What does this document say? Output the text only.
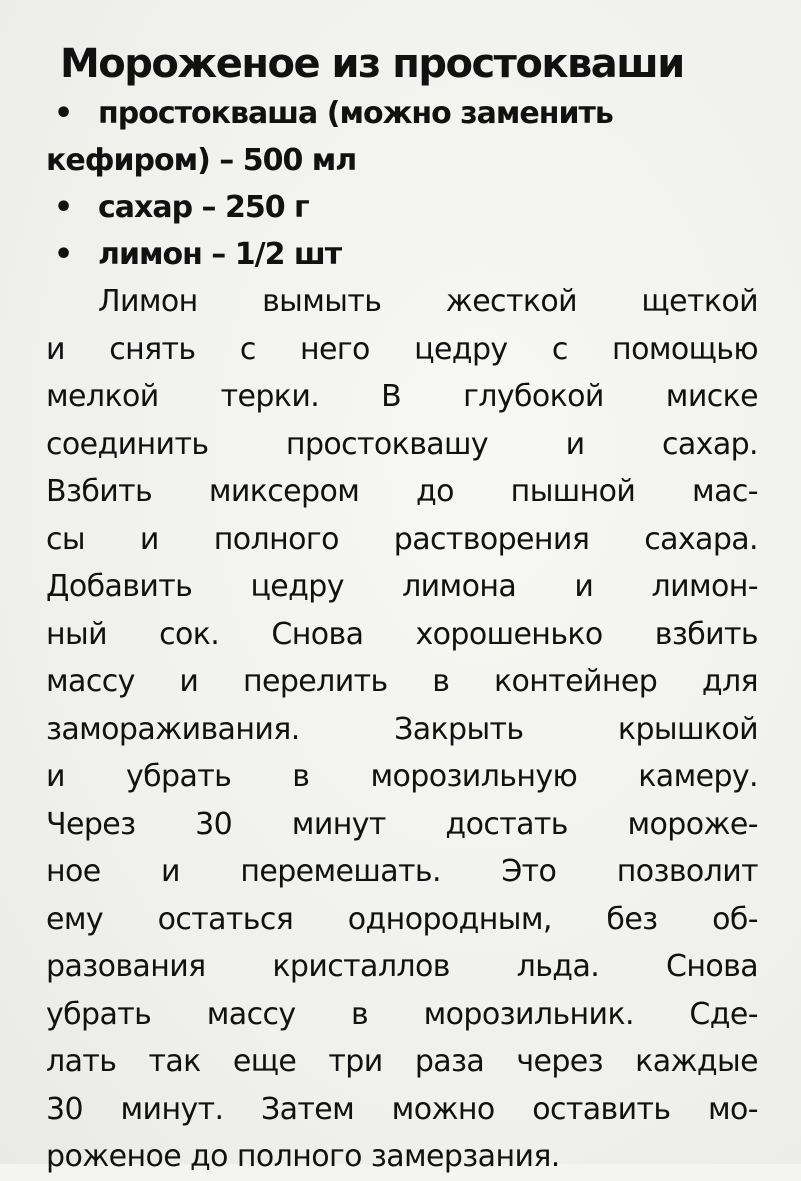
Мороженое из простокваши
• простокваша (можно заменить
кефиром) – 500 мл
• сахар – 250 г
• лимон – 1/2 шт

Лимон вымыть жесткой щеткой
и снять с него цедру с помощью
мелкой терки. В глубокой миске
соединить простоквашу и сахар.
Взбить миксером до пышной мас-
сы и полного растворения сахара.
Добавить цедру лимона и лимон-
ный сок. Снова хорошенько взбить
массу и перелить в контейнер для
замораживания. Закрыть крышкой
и убрать в морозильную камеру.
Через 30 минут достать мороже-
ное и перемешать. Это позволит
ему остаться однородным, без об-
разования кристаллов льда. Снова
убрать массу в морозильник. Сде-
лать так еще три раза через каждые
30 минут. Затем можно оставить мо-
роженое до полного замерзания.
